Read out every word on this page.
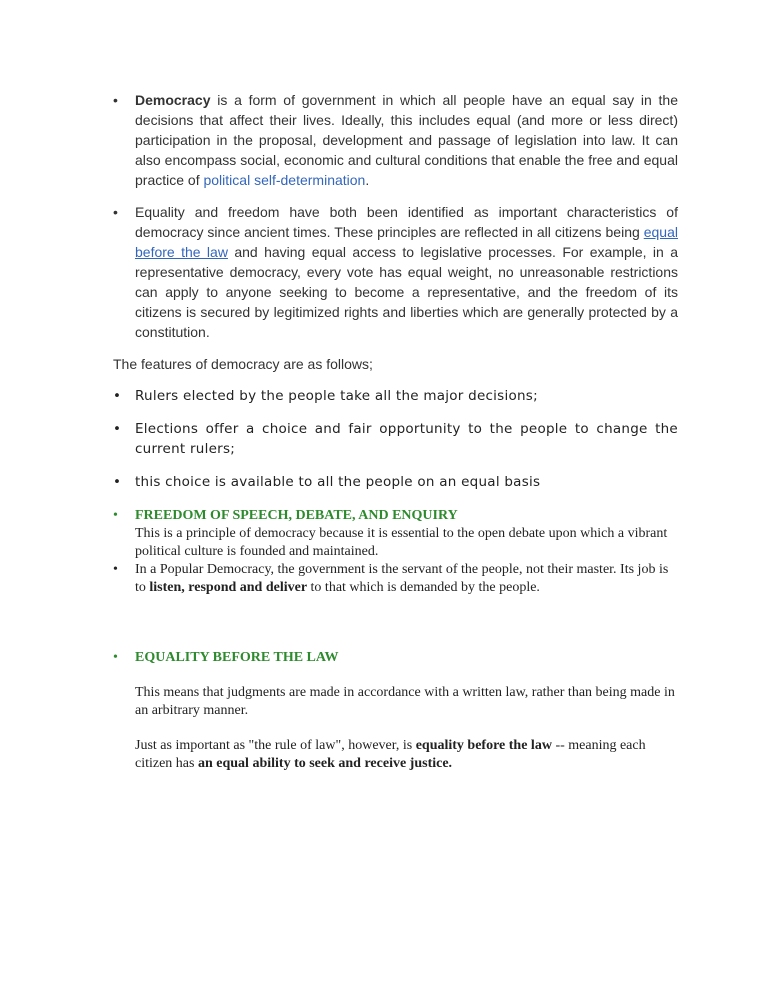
•	Democracy is a form of government in which all people have an equal say in the decisions that affect their lives. Ideally, this includes equal (and more or less direct) participation in the proposal, development and passage of legislation into law. It can also encompass social, economic and cultural conditions that enable the free and equal practice of political self-determination.
•	Equality and freedom have both been identified as important characteristics of democracy since ancient times. These principles are reflected in all citizens being equal before the law and having equal access to legislative processes. For example, in a representative democracy, every vote has equal weight, no unreasonable restrictions can apply to anyone seeking to become a representative, and the freedom of its citizens is secured by legitimized rights and liberties which are generally protected by a constitution.
The features of democracy are as follows;
•	Rulers elected by the people take all the major decisions;
•	Elections offer a choice and fair opportunity to the people to change the current rulers;
•	this choice is available to all the people on an equal basis
•	FREEDOM OF SPEECH, DEBATE, AND ENQUIRY
This is a principle of democracy because it is essential to the open debate upon which a vibrant political culture is founded and maintained.
•	In a Popular Democracy, the government is the servant of the people, not their master. Its job is to listen, respond and deliver to that which is demanded by the people.
•	EQUALITY BEFORE THE LAW
This means that judgments are made in accordance with a written law, rather than being made in an arbitrary manner.
Just as important as "the rule of law", however, is equality before the law -- meaning each citizen has an equal ability to seek and receive justice.
